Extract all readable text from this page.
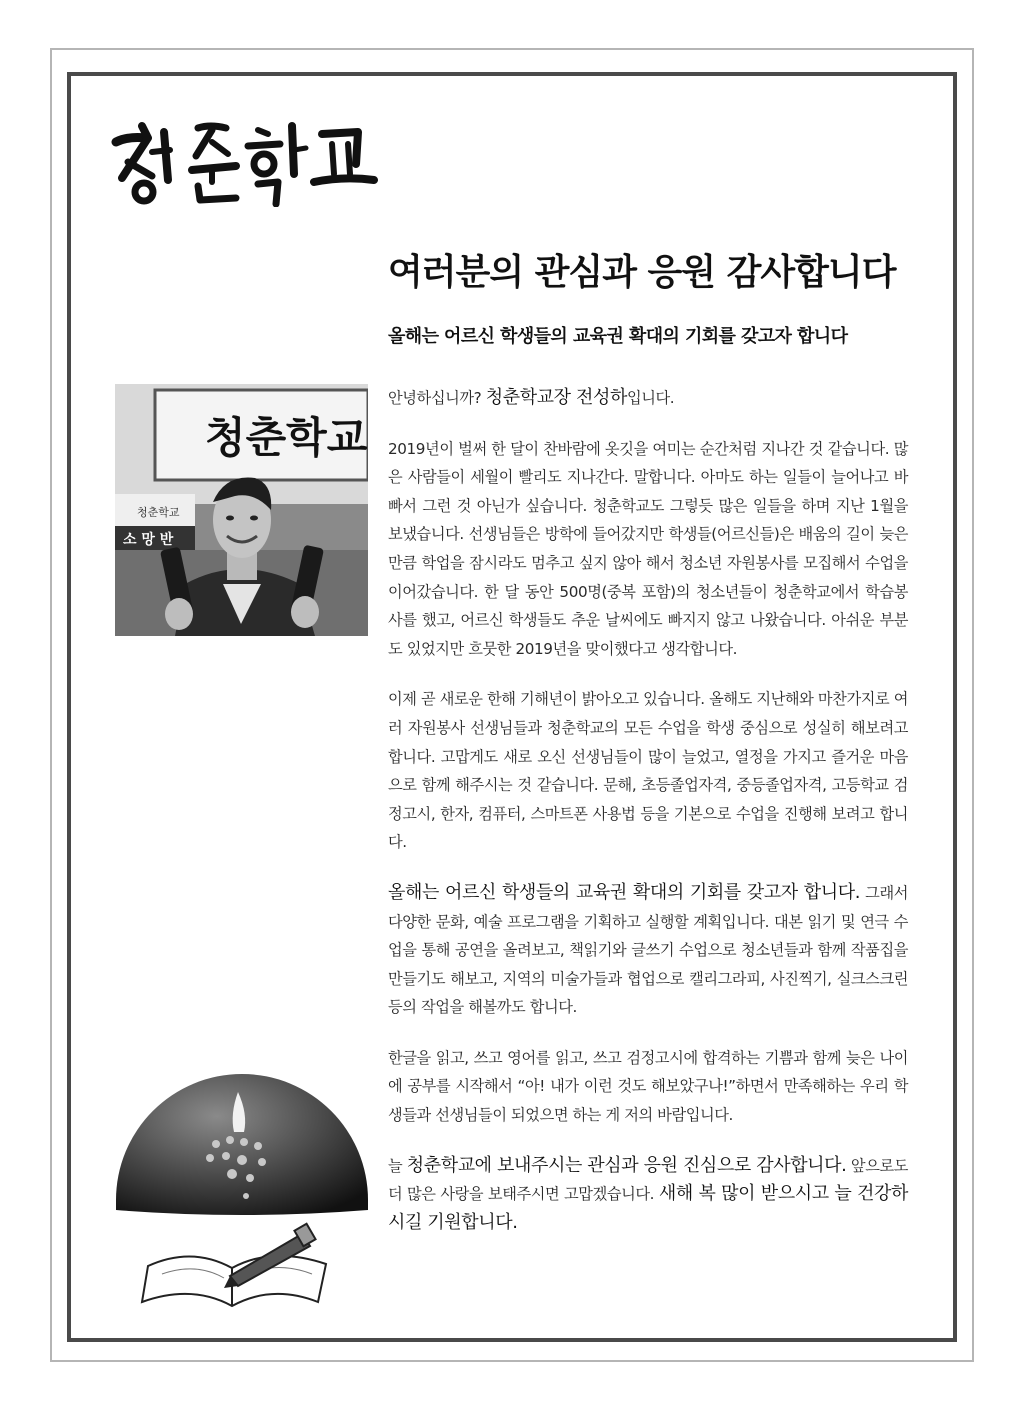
여러분의 관심과 응원 감사합니다
올해는 어르신 학생들의 교육권 확대의 기회를 갖고자 합니다
청춘학교
청춘학교
소 망 반

안녕하십니까? 청춘학교장 전성하입니다.

2019년이 벌써 한 달이 찬바람에 옷깃을 여미는 순간처럼 지나간 것 같습니다. 많은 사람들이 세월이 빨리도 지나간다. 말합니다. 아마도 하는 일들이 늘어나고 바빠서 그런 것 아닌가 싶습니다. 청춘학교도 그렇듯 많은 일들을 하며 지난 1월을 보냈습니다. 선생님들은 방학에 들어갔지만 학생들(어르신들)은 배움의 길이 늦은 만큼 학업을 잠시라도 멈추고 싶지 않아 해서 청소년 자원봉사를 모집해서 수업을 이어갔습니다. 한 달 동안 500명(중복 포함)의 청소년들이 청춘학교에서 학습봉사를 했고, 어르신 학생들도 추운 날씨에도 빠지지 않고 나왔습니다. 아쉬운 부분도 있었지만 흐뭇한 2019년을 맞이했다고 생각합니다.

이제 곧 새로운 한해 기해년이 밝아오고 있습니다. 올해도 지난해와 마찬가지로 여러 자원봉사 선생님들과 청춘학교의 모든 수업을 학생 중심으로 성실히 해보려고 합니다. 고맙게도 새로 오신 선생님들이 많이 늘었고, 열정을 가지고 즐거운 마음으로 함께 해주시는 것 같습니다. 문해, 초등졸업자격, 중등졸업자격, 고등학교 검정고시, 한자, 컴퓨터, 스마트폰 사용법 등을 기본으로 수업을 진행해 보려고 합니다.

올해는 어르신 학생들의 교육권 확대의 기회를 갖고자 합니다. 그래서 다양한 문화, 예술 프로그램을 기획하고 실행할 계획입니다. 대본 읽기 및 연극 수업을 통해 공연을 올려보고, 책읽기와 글쓰기 수업으로 청소년들과 함께 작품집을 만들기도 해보고, 지역의 미술가들과 협업으로 캘리그라피, 사진찍기, 실크스크린 등의 작업을 해볼까도 합니다.

한글을 읽고, 쓰고 영어를 읽고, 쓰고 검정고시에 합격하는 기쁨과 함께 늦은 나이에 공부를 시작해서 “아! 내가 이런 것도 해보았구나!”하면서 만족해하는 우리 학생들과 선생님들이 되었으면 하는 게 저의 바람입니다.

늘 청춘학교에 보내주시는 관심과 응원 진심으로 감사합니다. 앞으로도 더 많은 사랑을 보태주시면 고맙겠습니다. 새해 복 많이 받으시고 늘 건강하시길 기원합니다.
